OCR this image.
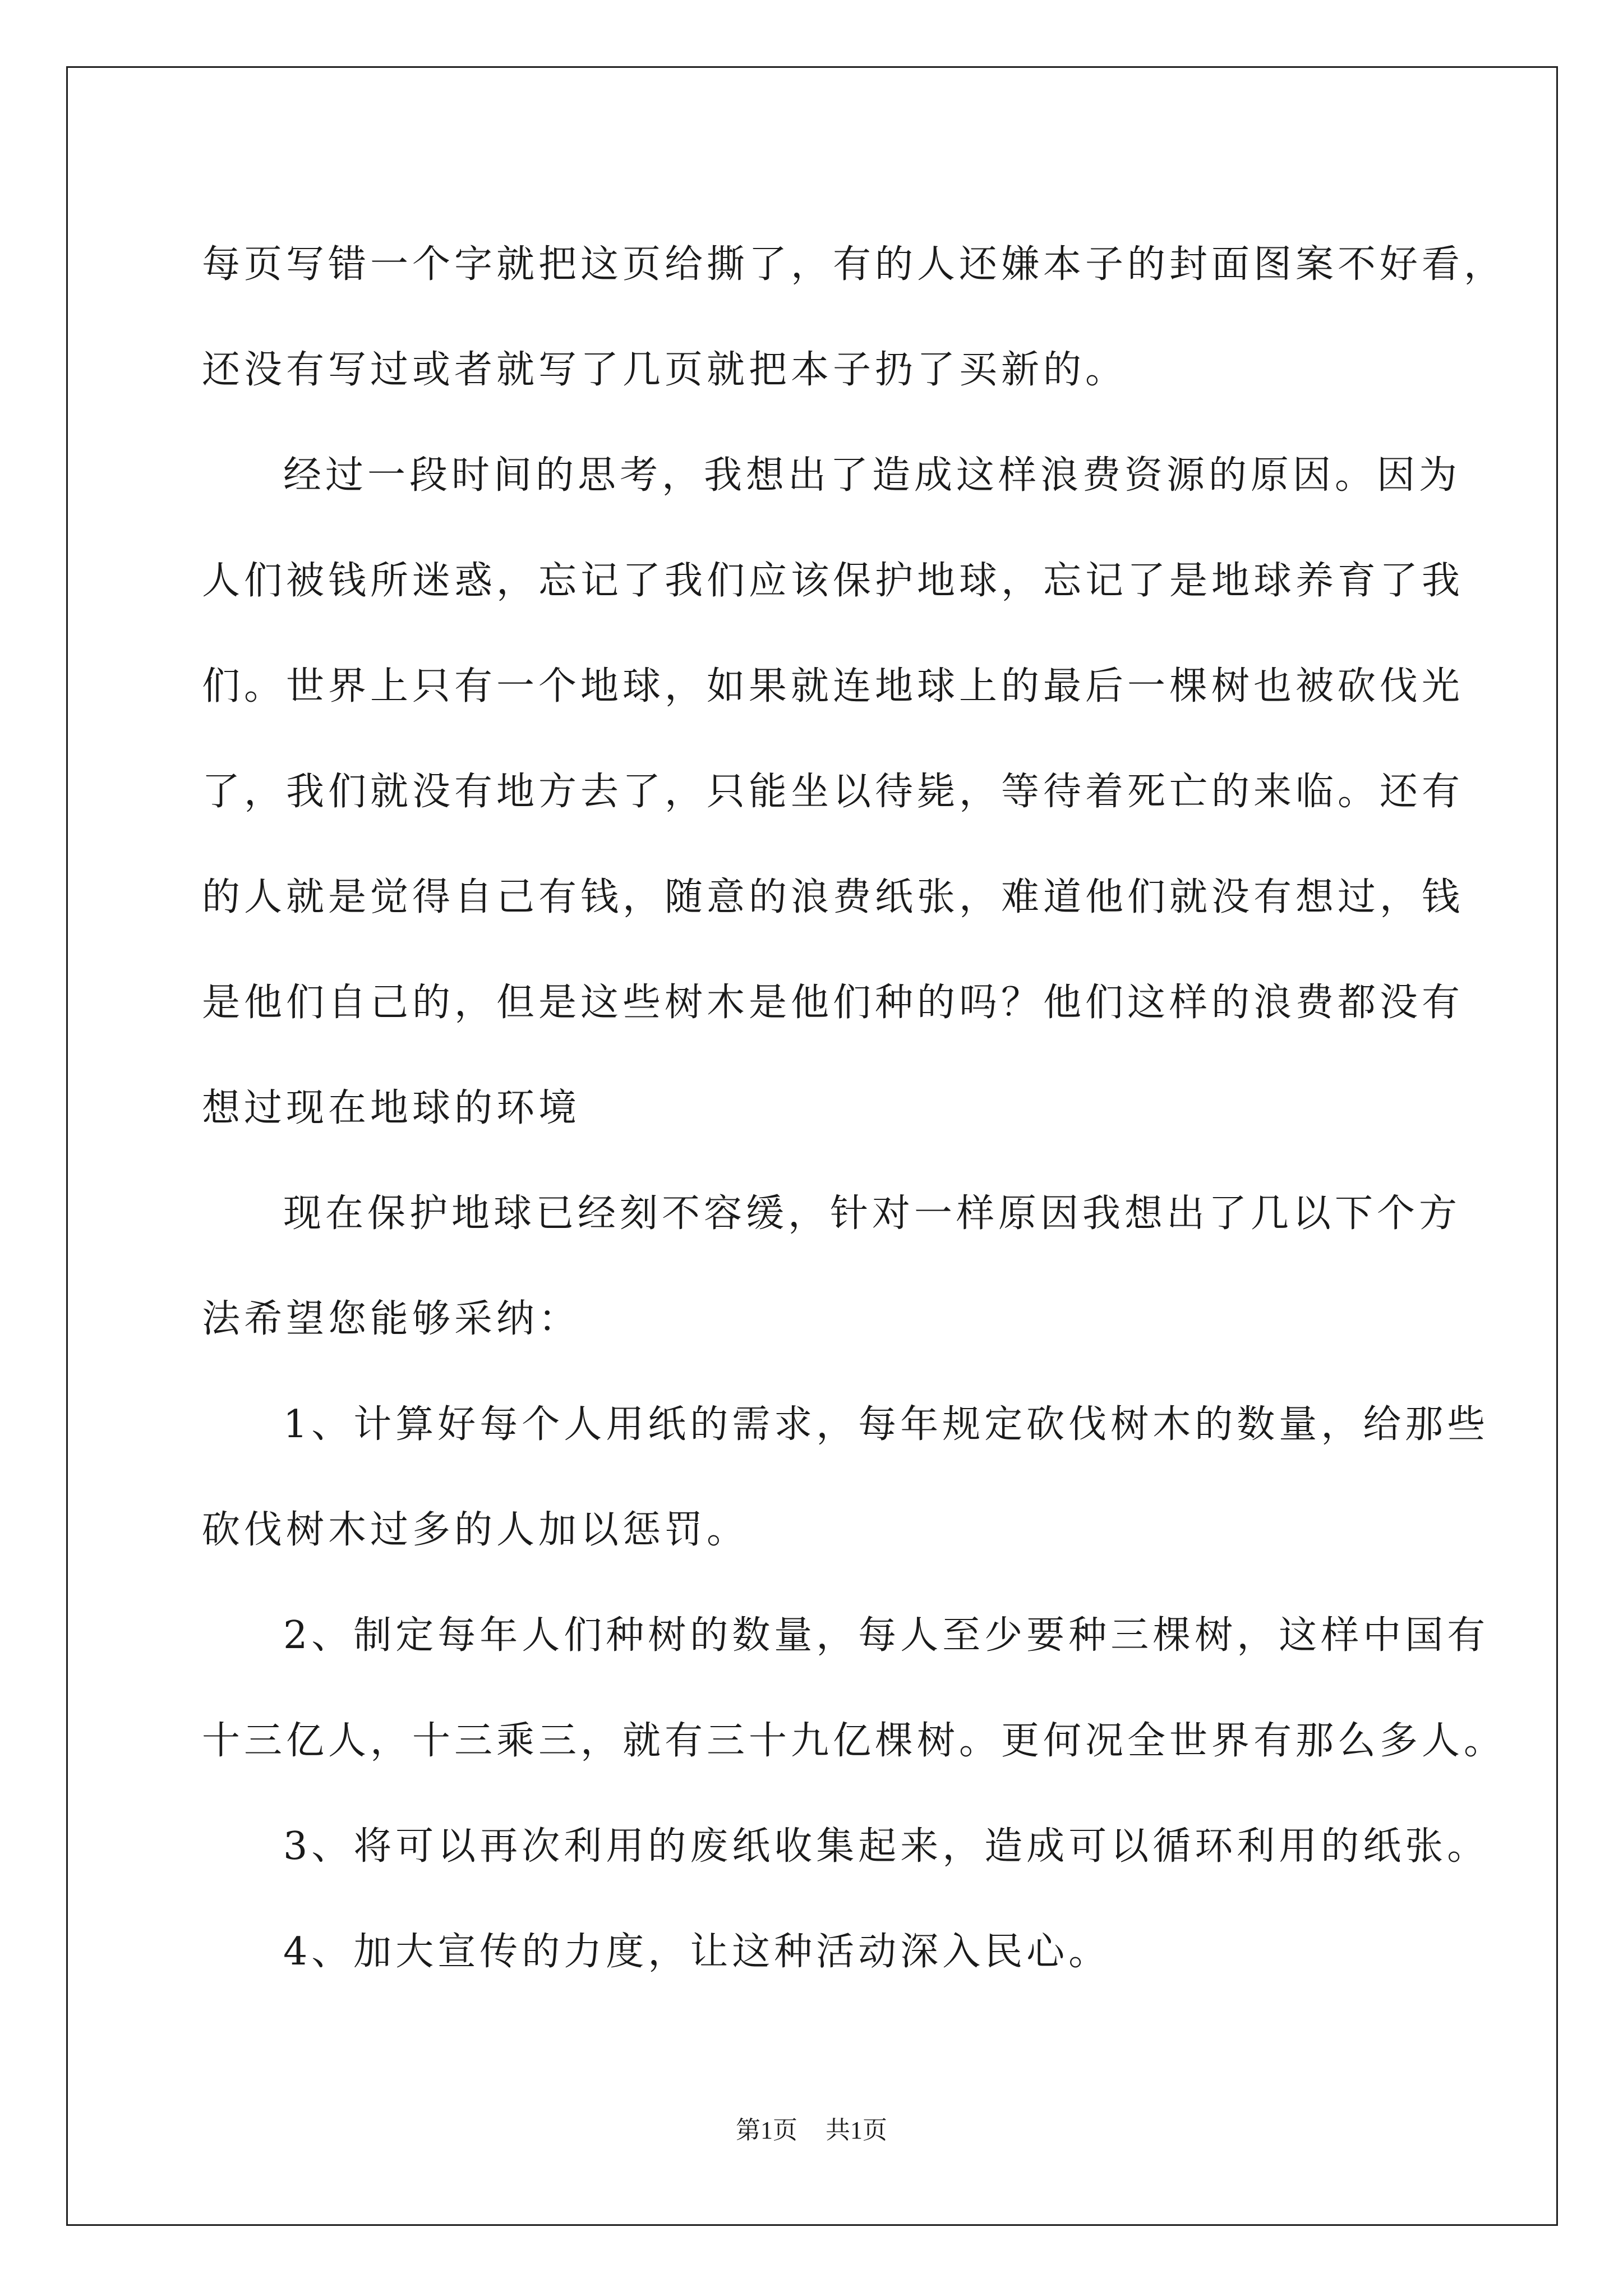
每页写错一个字就把这页给撕了，有的人还嫌本子的封面图案不好看，
还没有写过或者就写了几页就把本子扔了买新的。

经过一段时间的思考，我想出了造成这样浪费资源的原因。因为
人们被钱所迷惑，忘记了我们应该保护地球，忘记了是地球养育了我
们。世界上只有一个地球，如果就连地球上的最后一棵树也被砍伐光
了，我们就没有地方去了，只能坐以待毙，等待着死亡的来临。还有
的人就是觉得自己有钱，随意的浪费纸张，难道他们就没有想过，钱
是他们自己的，但是这些树木是他们种的吗？他们这样的浪费都没有
想过现在地球的环境

现在保护地球已经刻不容缓，针对一样原因我想出了几以下个方
法希望您能够采纳：

1、计算好每个人用纸的需求，每年规定砍伐树木的数量，给那些
砍伐树木过多的人加以惩罚。

2、制定每年人们种树的数量，每人至少要种三棵树，这样中国有
十三亿人，十三乘三，就有三十九亿棵树。更何况全世界有那么多人。

3、将可以再次利用的废纸收集起来，造成可以循环利用的纸张。

4、加大宣传的力度，让这种活动深入民心。

第1页 共1页
